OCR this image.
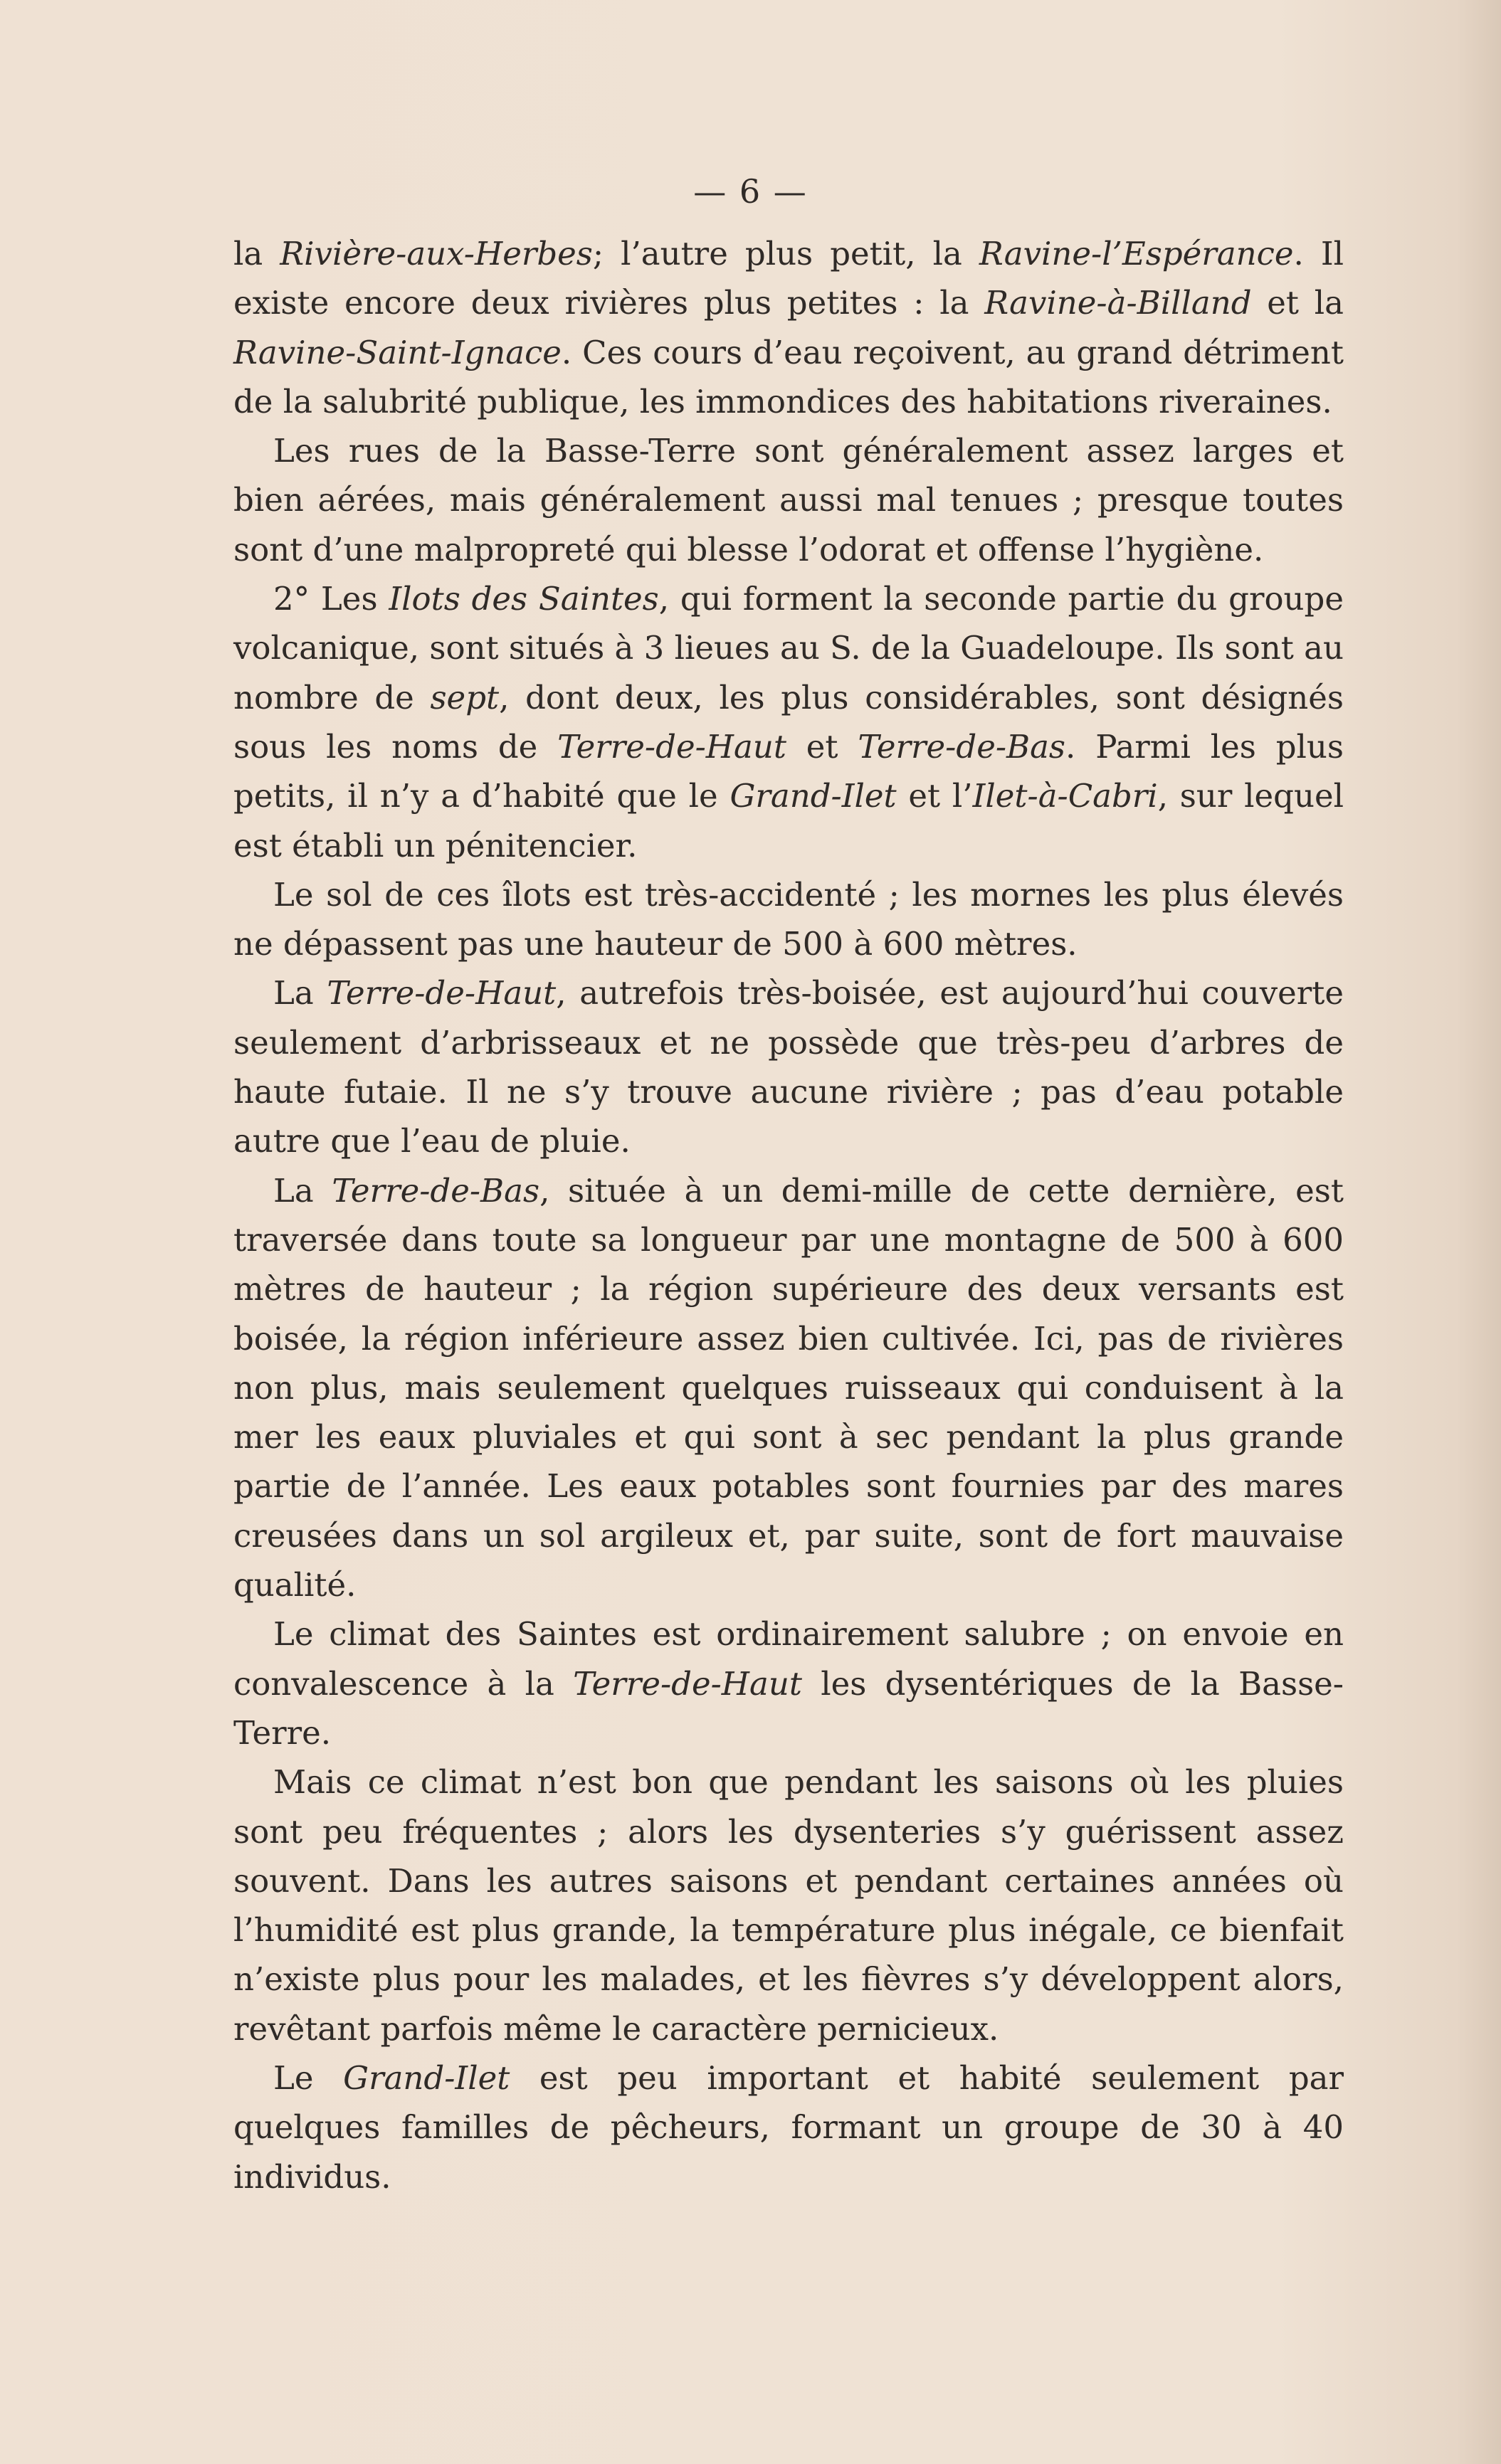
— 6 —

la Rivière-aux-Herbes; l’autre plus petit, la Ravine-l’Espérance. Il existe encore deux rivières plus petites : la Ravine-à-Billand et la Ravine-Saint-Ignace. Ces cours d’eau reçoivent, au grand détriment de la salubrité publique, les immondices des habitations riveraines.

Les rues de la Basse-Terre sont généralement assez larges et bien aérées, mais généralement aussi mal tenues ; presque toutes sont d’une malpropreté qui blesse l’odorat et offense l’hygiène.

2° Les Ilots des Saintes, qui forment la seconde partie du groupe volcanique, sont situés à 3 lieues au S. de la Guadeloupe. Ils sont au nombre de sept, dont deux, les plus considérables, sont désignés sous les noms de Terre-de-Haut et Terre-de-Bas. Parmi les plus petits, il n’y a d’habité que le Grand-Ilet et l’Ilet-à-Cabri, sur lequel est établi un pénitencier.

Le sol de ces îlots est très-accidenté ; les mornes les plus élevés ne dépassent pas une hauteur de 500 à 600 mètres.

La Terre-de-Haut, autrefois très-boisée, est aujourd’hui couverte seulement d’arbrisseaux et ne possède que très-peu d’arbres de haute futaie. Il ne s’y trouve aucune rivière ; pas d’eau potable autre que l’eau de pluie.

La Terre-de-Bas, située à un demi-mille de cette dernière, est traversée dans toute sa longueur par une montagne de 500 à 600 mètres de hauteur ; la région supérieure des deux versants est boisée, la région inférieure assez bien cultivée. Ici, pas de rivières non plus, mais seulement quelques ruisseaux qui conduisent à la mer les eaux pluviales et qui sont à sec pendant la plus grande partie de l’année. Les eaux potables sont fournies par des mares creusées dans un sol argileux et, par suite, sont de fort mauvaise qualité.

Le climat des Saintes est ordinairement salubre ; on envoie en convalescence à la Terre-de-Haut les dysentériques de la Basse-Terre.

Mais ce climat n’est bon que pendant les saisons où les pluies sont peu fréquentes ; alors les dysenteries s’y guérissent assez souvent. Dans les autres saisons et pendant certaines années où l’humidité est plus grande, la température plus inégale, ce bienfait n’existe plus pour les malades, et les fièvres s’y développent alors, revêtant parfois même le caractère pernicieux.

Le Grand-Ilet est peu important et habité seulement par quelques familles de pêcheurs, formant un groupe de 30 à 40 individus.
